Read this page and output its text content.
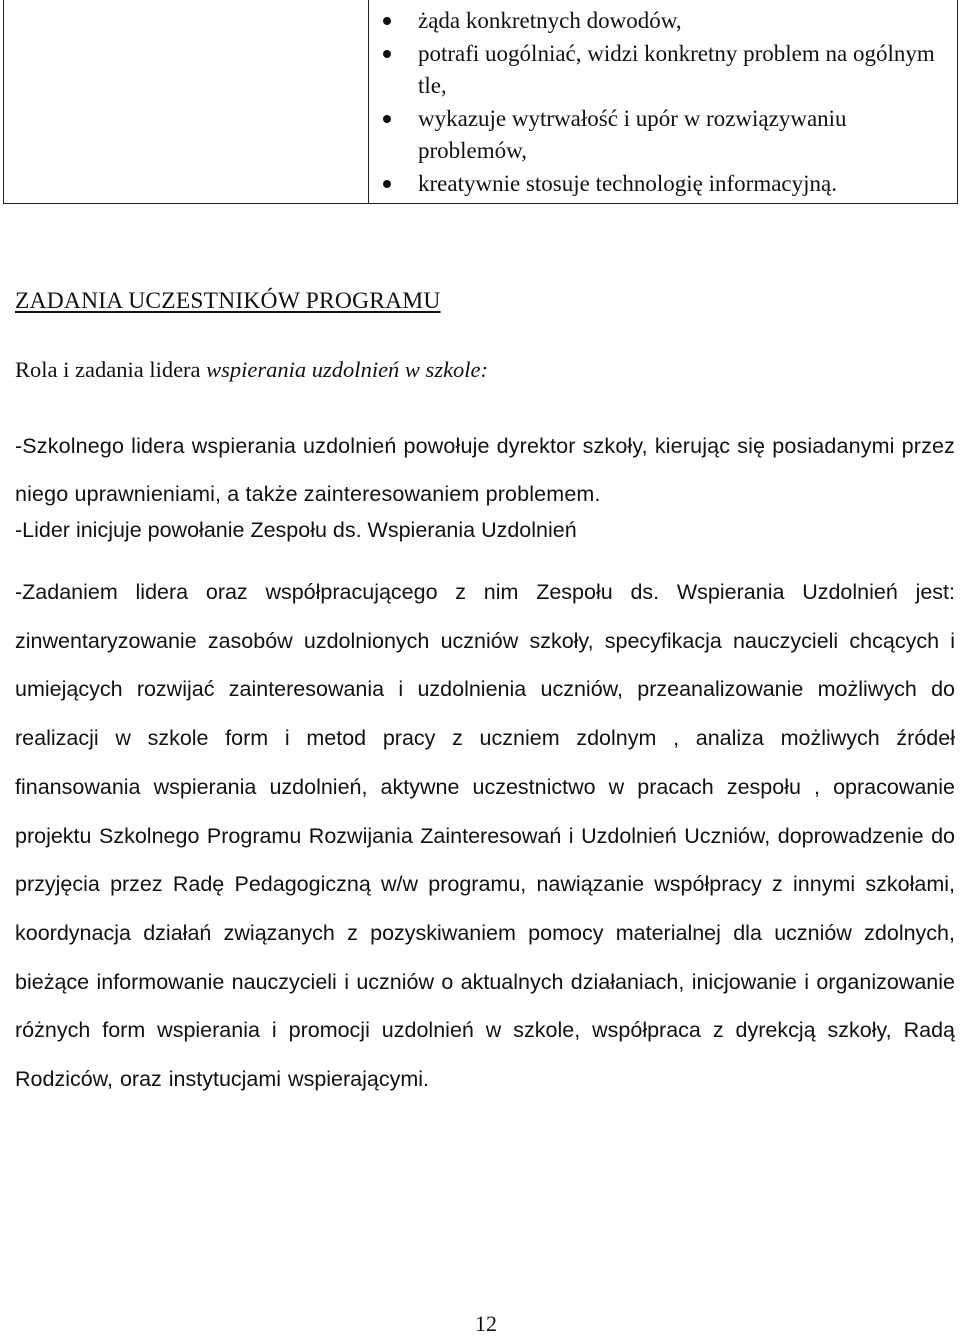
żąda konkretnych dowodów,
potrafi uogólniać, widzi konkretny problem na ogólnym tle,
wykazuje wytrwałość i upór w rozwiązywaniu problemów,
kreatywnie stosuje technologię informacyjną.
ZADANIA UCZESTNIKÓW PROGRAMU

Rola i zadania lidera wspierania uzdolnień w szkole:

-Szkolnego lidera wspierania uzdolnień powołuje dyrektor szkoły, kierując się posiadanymi przez niego uprawnieniami, a także zainteresowaniem problemem.

-Lider inicjuje powołanie Zespołu ds. Wspierania Uzdolnień

-Zadaniem lidera oraz współpracującego z nim Zespołu ds. Wspierania Uzdolnień jest: zinwentaryzowanie zasobów uzdolnionych uczniów szkoły, specyfikacja nauczycieli chcących i umiejących rozwijać zainteresowania i uzdolnienia uczniów, przeanalizowanie możliwych do realizacji w szkole form i metod pracy z uczniem zdolnym , analiza możliwych źródeł finansowania wspierania uzdolnień, aktywne uczestnictwo w pracach zespołu , opracowanie projektu Szkolnego Programu Rozwijania Zainteresowań i Uzdolnień Uczniów, doprowadzenie do przyjęcia przez Radę Pedagogiczną w/w programu, nawiązanie współpracy z innymi szkołami, koordynacja działań związanych z pozyskiwaniem pomocy materialnej dla uczniów zdolnych, bieżące informowanie nauczycieli i uczniów o aktualnych działaniach, inicjowanie i organizowanie różnych form wspierania i promocji uzdolnień w szkole, współpraca z dyrekcją szkoły, Radą Rodziców, oraz instytucjami wspierającymi.

12
